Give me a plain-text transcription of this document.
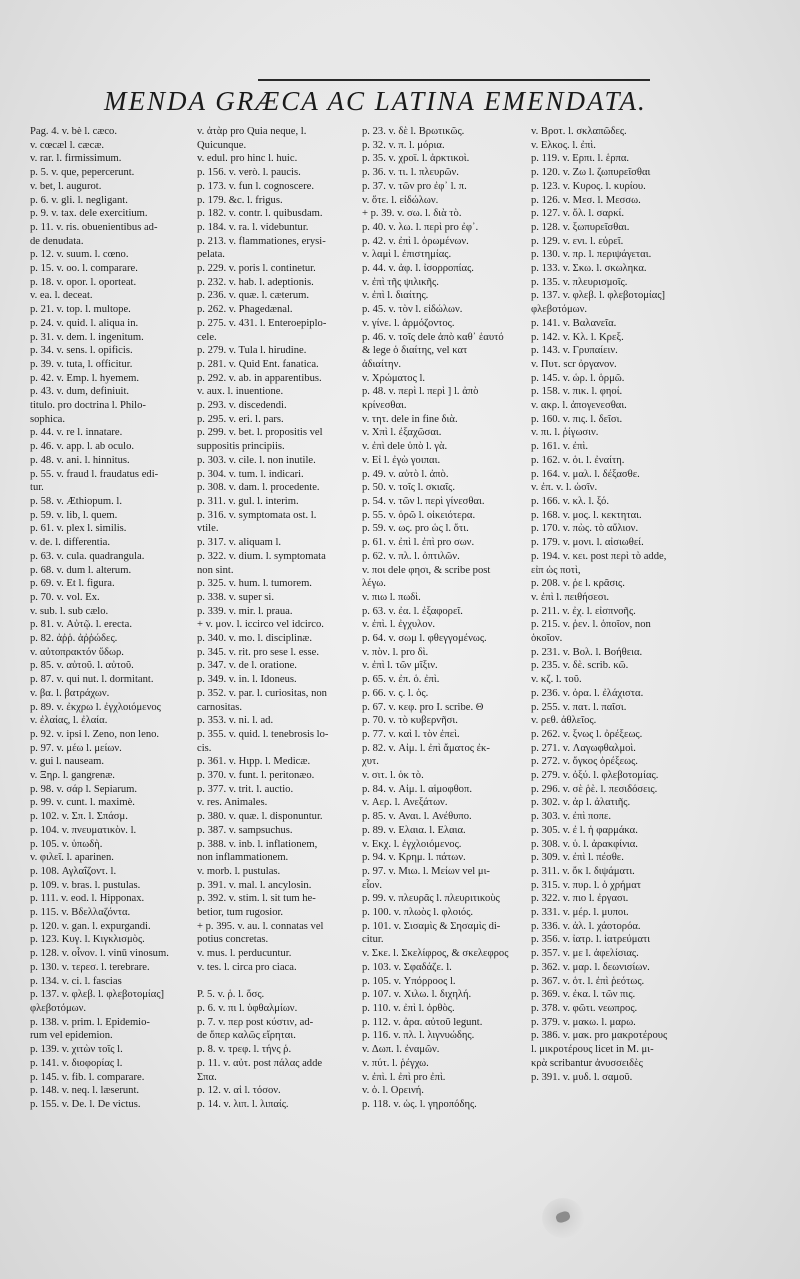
MENDA GRÆCA AC LATINA EMENDATA.
Pag. 4. v. bè l. cæco.
v. cœcæl l. cæcæ.
v. rar. l. firmissimum.
p. 5. v. que, pepercerunt.
v. bet, l. augurot.
p. 6. v. gli. l. negligant.
p. 9. v. tax. dele exercitium.
p. 11. v. ris. obuenientibus ad-
de denudata.
p. 12. v. suum. l. cœno.
p. 15. v. oo. l. comparare.
p. 18. v. opor. l. oporteat.
v. ea. l. deceat.
p. 21. v. top. l. multope.
p. 24. v. quid. l. aliqua in.
p. 31. v. dem. l. ingenitum.
p. 34. v. sens. l. opificis.
p. 39. v. tuta, l. officitur.
p. 42. v. Emp. l. hyemem.
p. 43. v. dum, definiuit.
titulo. pro doctrina l. Philo-
sophica.
p. 44. v. re l. innatare.
p. 46. v. app. l. ab oculo.
p. 48. v. ani. l. hinnitus.
p. 55. v. fraud l. fraudatus edi-
tur.
p. 58. v. Æthiopum. l.
p. 59. v. lib, l. quem.
p. 61. v. plex l. similis.
v. de. l. differentia.
p. 63. v. cula. quadrangula.
p. 68. v. dum l. alterum.
p. 69. v. Et l. figura.
p. 70. v. vol. Ex.
v. sub. l. sub cælo.
p. 81. v. Αὐτῷ. l. erecta.
p. 82. ἀῤῥ. ἀῤῥώδες.
v. αὐτοπρακτόν ὕδωρ.
p. 85. v. αὐτοῦ. l. αὐτοῦ.
p. 87. v. qui nut. l. dormitant.
v. βα. l. βατράχων.
p. 89. v. ἐκχρω l. ἐγχλοιόμενος
v. ἐλαίας, l. ἐλαία.
p. 92. v. ipsi l. Zeno, non leno.
p. 97. v. μέω l. μείων.
v. gui l. nauseam.
v. Ξηρ. l. gangrenæ.
p. 98. v. σάρ l. Sepiarum.
p. 99. v. cunt. l. maximè.
p. 102. v. Σπ. l. Σπάσμ.
p. 104. v. πνευματικὸν. l.
p. 105. v. ὑπωδὴ.
v. φιλεῖ. l. aparinen.
p. 108. Αγλαΐζοντ. l.
p. 109. v. bras. l. pustulas.
p. 111. v. eod. l. Hipponax.
p. 115. v. Βδελλαζόντα.
p. 120. v. gan. l. expurgandi.
p. 123. Κυγ. l. Κιγκλισμὸς.
p. 128. v. οἶνον. l. vinū vinosum.
p. 130. v. τερεσ. l. terebrare.
p. 134. v. ci. l. fascias
p. 137. v. φλεβ. l. φλεβοτομίας]
φλεβοτόμων.
p. 138. v. prim. l. Epidemio-
rum vel epidemion.
p. 139. v. χιτὼν τοῖς l.
p. 141. v. διοφορίας l.
p. 145. v. fib. l. comparare.
p. 148. v. neq. l. læserunt.
p. 155. v. De. l. De victus.
v. ἀτὰρ pro Quia neque, l.
Quicunque.
v. edul. pro hinc l. huic.
p. 156. v. verò. l. paucis.
p. 173. v. fun l. cognoscere.
p. 179. &c. l. frigus.
p. 182. v. contr. l. quibusdam.
p. 184. v. ra. l. videbuntur.
p. 213. v. flammationes, erysi-
pelata.
p. 229. v. poris l. continetur.
p. 232. v. hab. l. adeptionis.
p. 236. v. quæ. l. cæterum.
p. 262. v. Phagedænal.
p. 275. v. 431. l. Enteroepiplo-
cele.
p. 279. v. Tula l. hirudine.
p. 281. v. Quid Ent. fanatica.
p. 292. v. ab. in apparentibus.
v. aux. l. inuentione.
p. 293. v. discedendi.
p. 295. v. eri. l. pars.
p. 299. v. bet. l. propositis vel
suppositis principiis.
p. 303. v. cile. l. non inutile.
p. 304. v. tum. l. indicari.
p. 308. v. dam. l. procedente.
p. 311. v. gul. l. interim.
p. 316. v. symptomata ost. l.
vtile.
p. 317. v. aliquam l.
p. 322. v. dium. l. symptomata
non sint.
p. 325. v. hum. l. tumorem.
p. 338. v. super si.
p. 339. v. mir. l. praua.
+ v. μον. l. iccirco vel idcirco.
p. 340. v. mo. l. disciplinæ.
p. 345. v. rit. pro sese l. esse.
p. 347. v. de l. oratione.
p. 349. v. in. l. Idoneus.
p. 352. v. par. l. curiositas, non
carnositas.
p. 353. v. ni. l. ad.
p. 355. v. quid. l. tenebrosis lo-
cis.
p. 361. v. Ηιpp. l. Medicæ.
p. 370. v. funt. l. peritonæo.
p. 377. v. trit. l. auctio.
v. res. Animales.
p. 380. v. quæ. l. disponuntur.
p. 387. v. sampsuchus.
p. 388. v. inb. l. inflationem,
non inflammationem.
v. morb. l. pustulas.
p. 391. v. mal. l. ancylosin.
p. 392. v. stim. l. sit tum he-
betior, tum rugosior.
+ p. 395. v. au. l. connatas vel
potius concretas.
v. mus. l. perducuntur.
v. tes. l. circa pro ciaca.

P. 5. v. ῥ. l. ὅσς.
p. 6. v. πι l. ὑφθαλμίων.
p. 7. v. περ post κύστιν, ad-
de ὅπερ καλῶς εἴρηται.
p. 8. v. τρεφ. l. τήνς ῥ.
p. 11. v. αὐτ. post πάλας adde
Σπα.
p. 12. v. αἱ l. τόσον.
p. 14. v. λιπ. l. λιπαίς.
p. 23. v. δὲ l. Βρωτικῶς.
p. 32. v. π. l. μόρια.
p. 35. v. χροϊ. l. ἀρκτικοὶ.
p. 36. v. τι. l. πλευρῶν.
p. 37. v. τῶν pro ἐφ᾽ l. π.
v. ὅτε. l. εἰδώλων.
+ p. 39. v. σω. l. διὰ τὸ.
p. 40. v. λω. l. περὶ pro ἐφ᾽.
p. 42. v. ἐπὶ l. ὁρωμένων.
v. λαμὶ l. ἐπιστημίας.
p. 44. v. ἀφ. l. ἰσορροπίας.
v. ἐπὶ τῆς ψιλικῆς.
v. ἐπὶ l. διαίτης.
p. 45. v. τὸν l. εἰδώλων.
v. γίνε. l. ἁρμόζοντος.
p. 46. v. τοῖς dele ἀπὸ καθ᾽ ἑαυτό
& lege ὁ διαίτης, vel κατ
ἀδιαίτην.
v. Χρώματος l.
p. 48. v. περὶ l. περὶ ] l. ἀπὸ
κρίνεσθαι.
v. τητ. dele in fine διὰ.
v. Χπὶ l. ἐξαχῶσαι.
v. ἐπὶ dele ὑπὸ l. γὰ.
v. Eἰ l. ἐγὼ γοιπαι.
p. 49. v. αὐτὸ l. ἀπὸ.
p. 50. v. τοῖς l. σκιαῖς.
p. 54. v. τῶν l. περὶ γίνεσθαι.
p. 55. v. ὁρῶ l. οἰκειότερα.
p. 59. v. ως. pro ὡς l. ὅτι.
p. 61. v. ἐπὶ l. ἐπὶ pro σων.
p. 62. v. πλ. l. ὀπτιλῶν.
v. ποι dele φησι, & scribe post
λέγω.
v. πιω l. πωδὶ.
p. 63. v. ἐα. l. ἐξαφορεῖ.
v. ἐπὶ. l. ἐγχυλον.
p. 64. v. σωμ l. φθεγγομένως.
v. πὸν. l. pro δὶ.
v. ἐπὶ l. τῶν μῖξιν.
p. 65. v. ἐπ. ὁ. ἐπὶ.
p. 66. v. ς. l. ὁς.
p. 67. v. κεφ. pro I. scribe. Θ
p. 70. v. τὸ κυβερνῆσι.
p. 77. v. καὶ l. τὸν ἐπεὶ.
p. 82. v. Αἰμ. l. ἐπὶ ἄματος ἐκ-
χυτ.
v. σιτ. l. ὁκ τὸ.
p. 84. v. Αἰμ. l. αἱμοφθοπ.
v. Αερ. l. Ανεξάτων.
p. 85. v. Αναι. l. Ανέθυπο.
p. 89. v. Ελαια. l. Ελαια.
v. Εκχ. l. ἐγχλοιόμενος.
p. 94. v. Κρημ. l. πάτων.
p. 97. v. Μιω. l. Μείων vel μι-
εἶον.
p. 99. v. πλευρᾶς l. πλευριτικοὺς
p. 100. v. πλωὸς l. φλοιός.
p. 101. v. Σισαμὶς & Σησαμὶς di-
citur.
v. Σκε. l. Σκελίφρος, & σκελεφρος
p. 103. v. Σφαδάζε. l.
p. 105. v. Υπόρροος l.
p. 107. v. Χιλω. l. διχηλή.
p. 110. v. ἐπὶ l. ὀρθὸς.
p. 112. v. ἀρα. αὐτοῦ legunt.
p. 116. v. πλ. l. λιγνυώδης.
v. Δωπ. l. ἐναμῶν.
v. πύτ. l. ῥέγχω.
v. ἐπὶ. l. ἐπὶ pro ἐπὶ.
v. ὁ. l. Ορεινή.
p. 118. v. ὡς. l. γηροπόδης.
v. Βροτ. l. σκλαπῶδες.
v. Ελκος. l. ἐπὶ.
p. 119. v. Ερπι. l. ἑρπα.
p. 120. v. Ζω l. ζωπυρεῖσθαι
p. 123. v. Κυρος. l. κυρίου.
p. 126. v. Μεσ. l. Μεσσω.
p. 127. v. ὅλ. l. σαρκί.
p. 128. v. ξωπυρεῖσθαι.
p. 129. v. ενι. l. εὐρεῖ.
p. 130. v. πρ. l. περιψάγεται.
p. 133. v. Σκω. l. σκωληκα.
p. 135. v. πλευρισμοῖς.
p. 137. v. φλεβ. l. φλεβοτομίας]
φλεβοτόμων.
p. 141. v. Βαλανεῖα.
p. 142. v. Κλ. l. Κρεξ.
p. 143. v. Γρυπαίειν.
v. Πυτ. scr ὀργανον.
p. 145. v. ὡρ. l. ὁρμῶ.
p. 158. v. πικ. l. φηοί.
v. ακρ. l. ἀπογενεσθαι.
p. 160. v. πις. l. δεῖσι.
v. πι. l. ῥίγωσιν.
p. 161. v. ἐπὶ.
p. 162. v. ὁι. l. ἐναίτη.
p. 164. v. μαλ. l. δέξασθε.
v. ἐπ. v. l. ὡσῖν.
p. 166. v. κλ. l. ξό.
p. 168. v. μος. l. κεκτηται.
p. 170. v. πὼς. τὸ αὔλιον.
p. 179. v. μονι. l. αἰσιωθεί.
p. 194. v. κει. post περὶ τὸ adde,
εἰπ ὡς ποτὶ,
p. 208. v. ῥε l. κρᾶσις.
v. ἐπὶ l. πειθήσεσι.
p. 211. v. ἐχ. l. εἰσπνοῆς.
p. 215. v. ῥεν. l. ὁποῖον, non
ὁκοῖον.
p. 231. v. Βολ. l. Βοήθεια.
p. 235. v. δὲ. scrib. κῶ.
v. κζ. l. τοῦ.
p. 236. v. ὀρα. l. ἐλάχιστα.
p. 255. v. πατ. l. παῖσι.
v. ρεθ. ἀθλεῖος.
p. 262. v. ξνως l. ὀρέξεως.
p. 271. v. Λαγωφθαλμοὶ.
p. 272. v. ὄγκος ὀρέξεως.
p. 279. v. ὀξύ. l. φλεβοτομίας.
p. 296. v. σὲ ῥὲ. l. πεσιδόσεις.
p. 302. v. ἀρ l. ἀλατιῆς.
p. 303. v. ἐπὶ ποπε.
p. 305. v. ἐ l. ἡ φαρμάκα.
p. 308. v. ὑ. l. ἀρακφίνια.
p. 309. v. ἐπὶ l. πέσθε.
p. 311. v. ὄκ l. διψάματι.
p. 315. v. πυρ. l. ὁ χρήματ
p. 322. v. πιο l. ἐργασι.
p. 331. v. μέρ. l. μυποι.
p. 336. v. ἀλ. l. χάοτορόα.
p. 356. v. ἰατρ. l. ἰατρεύματι
p. 357. v. με l. ἀφελίσιας.
p. 362. v. μαρ. l. δεωνισίων.
p. 367. v. ὁτ. l. ἐπὶ ῥεότως.
p. 369. v. ἐκα. l. τῶν πις.
p. 378. v. φῶτι. νεωπρος.
p. 379. v. μακω. l. μαρω.
p. 386. v. μακ. pro μακροτέρους
l. μικροτέρους licet in M. μι-
κρὰ scribantur ἀνυσσειδὲς
p. 391. v. μυδ. l. σαμοῦ.
